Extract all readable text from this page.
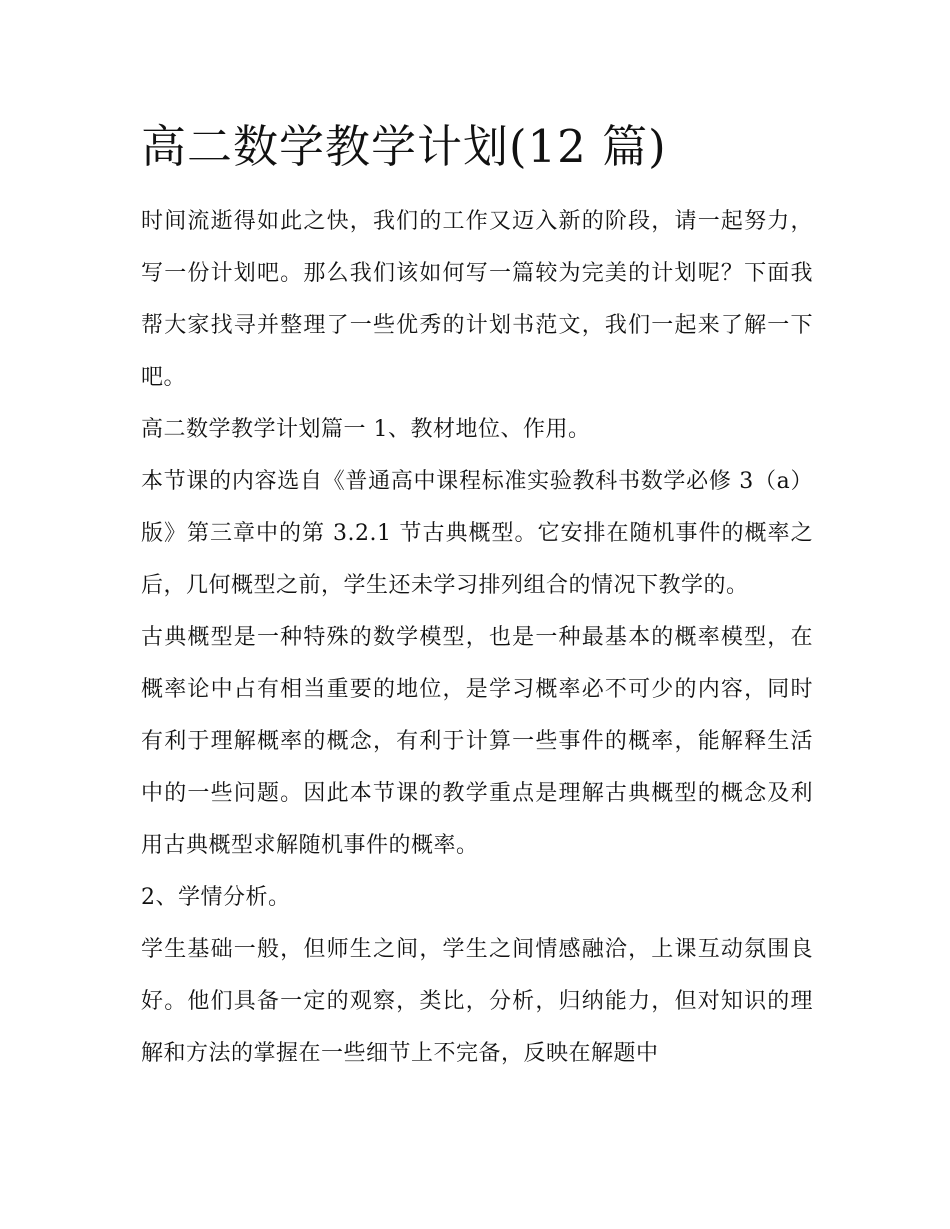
高二数学教学计划(12 篇)

时间流逝得如此之快，我们的工作又迈入新的阶段，请一起努力，写一份计划吧。那么我们该如何写一篇较为完美的计划呢？下面我帮大家找寻并整理了一些优秀的计划书范文，我们一起来了解一下吧。

高二数学教学计划篇一 1、教材地位、作用。

本节课的内容选自《普通高中课程标准实验教科书数学必修 3（a）版》第三章中的第 3.2.1 节古典概型。它安排在随机事件的概率之后，几何概型之前，学生还未学习排列组合的情况下教学的。

古典概型是一种特殊的数学模型，也是一种最基本的概率模型，在概率论中占有相当重要的地位，是学习概率必不可少的内容，同时有利于理解概率的概念，有利于计算一些事件的概率，能解释生活中的一些问题。因此本节课的教学重点是理解古典概型的概念及利用古典概型求解随机事件的概率。

2、学情分析。

学生基础一般，但师生之间，学生之间情感融洽，上课互动氛围良好。他们具备一定的观察，类比，分析，归纳能力，但对知识的理解和方法的掌握在一些细节上不完备，反映在解题中
